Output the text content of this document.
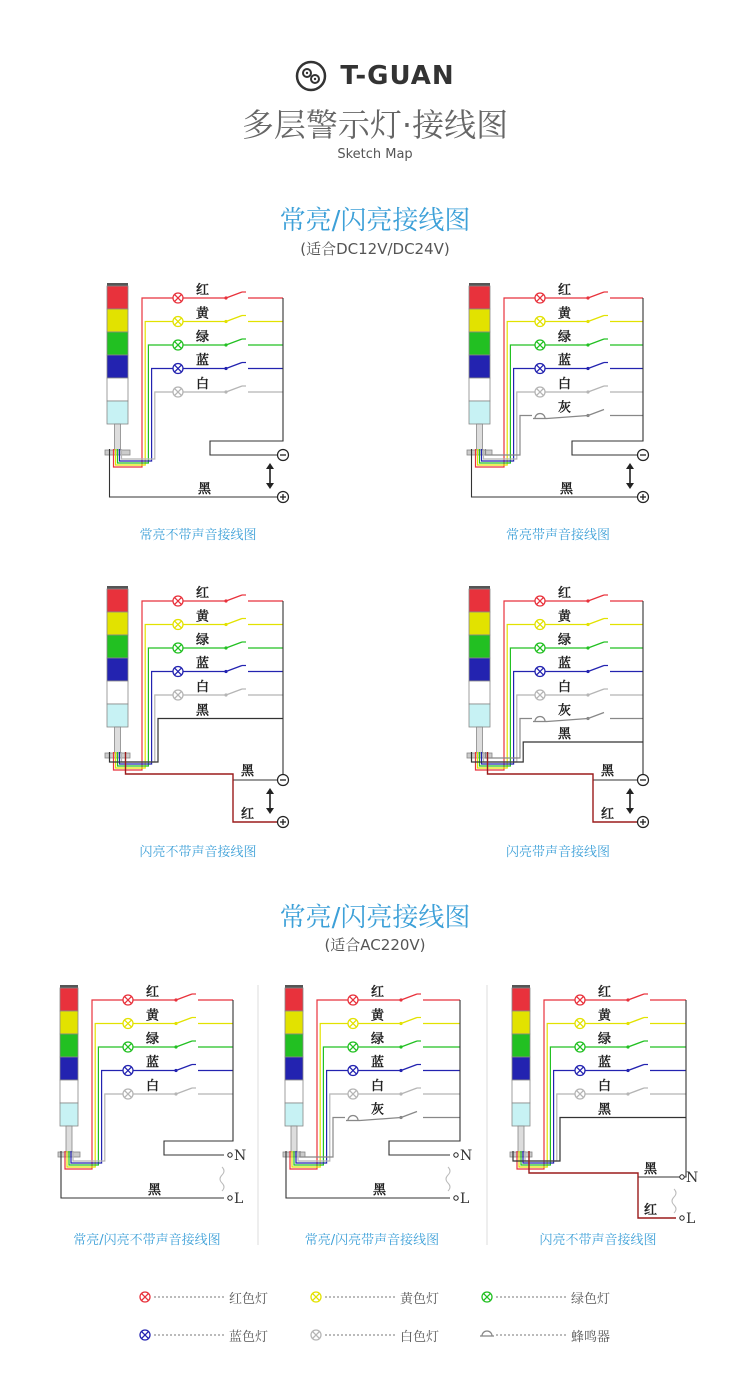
T-GUAN
多层警示灯·接线图
Sketch Map
常亮/闪亮接线图
(适合DC12V/DC24V)
常亮/闪亮接线图
(适合AC220V)
红
黄
绿
蓝
白
黑
红
黄
绿
蓝
白
灰
黑
红
黄
绿
蓝
白
黑
黑
红
红
黄
绿
蓝
白
灰
黑
黑
红
红
黄
绿
蓝
白
黑
N
L
红
黄
绿
蓝
白
灰
黑
N
L
红
黄
绿
蓝
白
黑
黑
红
N
L
常亮不带声音接线图	常亮带声音接线图
闪亮不带声音接线图	闪亮带声音接线图
常亮/闪亮不带声音接线图	常亮/闪亮带声音接线图	闪亮不带声音接线图
红色灯	黄色灯	绿色灯
蓝色灯	白色灯	蜂鸣器
